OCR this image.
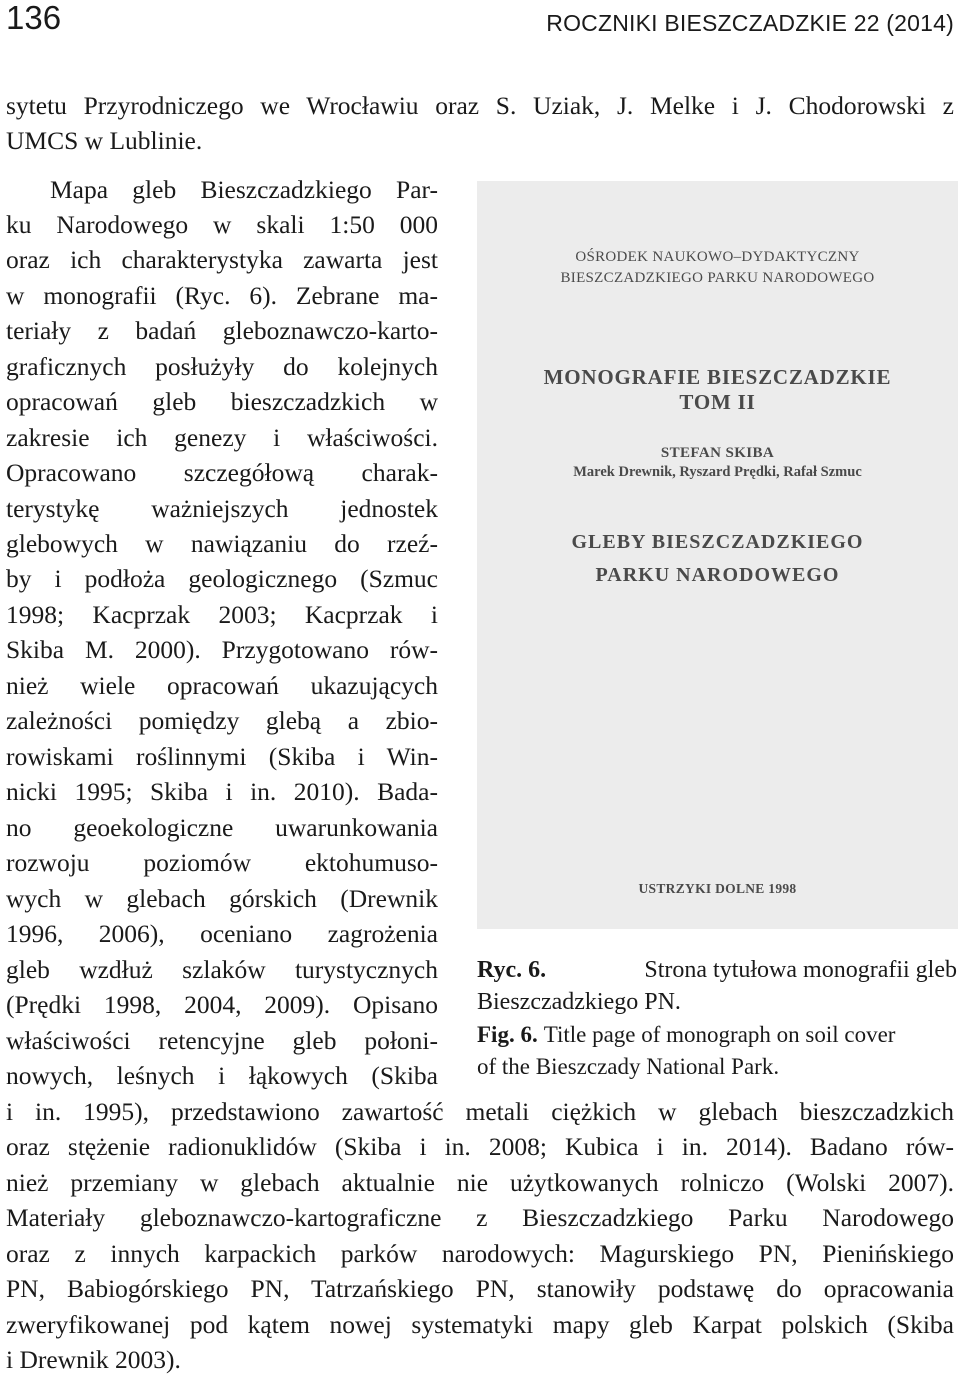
136	ROCZNIKI BIESZCZADZKIE 22 (2014)
sytetu Przyrodniczego we Wrocławiu oraz S. Uziak, J. Melke i J. Chodorowski z
UMCS w Lublinie.
Mapa gleb Bieszczadzkiego Par-
ku Narodowego w skali 1:50 000
oraz ich charakterystyka zawarta jest
w monografii (Ryc. 6). Zebrane ma-
teriały z badań gleboznawczo-karto-
graficznych posłużyły do kolejnych
opracowań gleb bieszczadzkich w
zakresie ich genezy i właściwości.
Opracowano szczegółową charak-
terystykę ważniejszych jednostek
glebowych w nawiązaniu do rzeź-
by i podłoża geologicznego (Szmuc
1998; Kacprzak 2003; Kacprzak i
Skiba M. 2000). Przygotowano rów-
nież wiele opracowań ukazujących
zależności pomiędzy glebą a zbio-
rowiskami roślinnymi (Skiba i Win-
nicki 1995; Skiba i in. 2010). Bada-
no geoekologiczne uwarunkowania
rozwoju poziomów ektohumuso-
wych w glebach górskich (Drewnik
1996, 2006), oceniano zagrożenia
gleb wzdłuż szlaków turystycznych
(Prędki 1998, 2004, 2009). Opisano
właściwości retencyjne gleb połoni-
nowych, leśnych i łąkowych (Skiba
i in. 1995), przedstawiono zawartość metali ciężkich w glebach bieszczadzkich
oraz stężenie radionuklidów (Skiba i in. 2008; Kubica i in. 2014). Badano rów-
nież przemiany w glebach aktualnie nie użytkowanych rolniczo (Wolski 2007).
Materiały gleboznawczo-kartograficzne z Bieszczadzkiego Parku Narodowego
oraz z innych karpackich parków narodowych: Magurskiego PN, Pienińskiego
PN, Babiogórskiego PN, Tatrzańskiego PN, stanowiły podstawę do opracowania
zweryfikowanej pod kątem nowej systematyki mapy gleb Karpat polskich (Skiba
i Drewnik 2003).
OŚRODEK NAUKOWO–DYDAKTYCZNY
BIESZCZADZKIEGO PARKU NARODOWEGO
MONOGRAFIE BIESZCZADZKIE
TOM II
STEFAN SKIBA
Marek Drewnik, Ryszard Prędki, Rafał Szmuc
GLEBY BIESZCZADZKIEGO
PARKU NARODOWEGO
USTRZYKI DOLNE 1998
Ryc. 6.	Strona tytułowa monografii gleb
Bieszczadzkiego PN.
Fig. 6. Title page of monograph on soil cover
of the Bieszczady National Park.
